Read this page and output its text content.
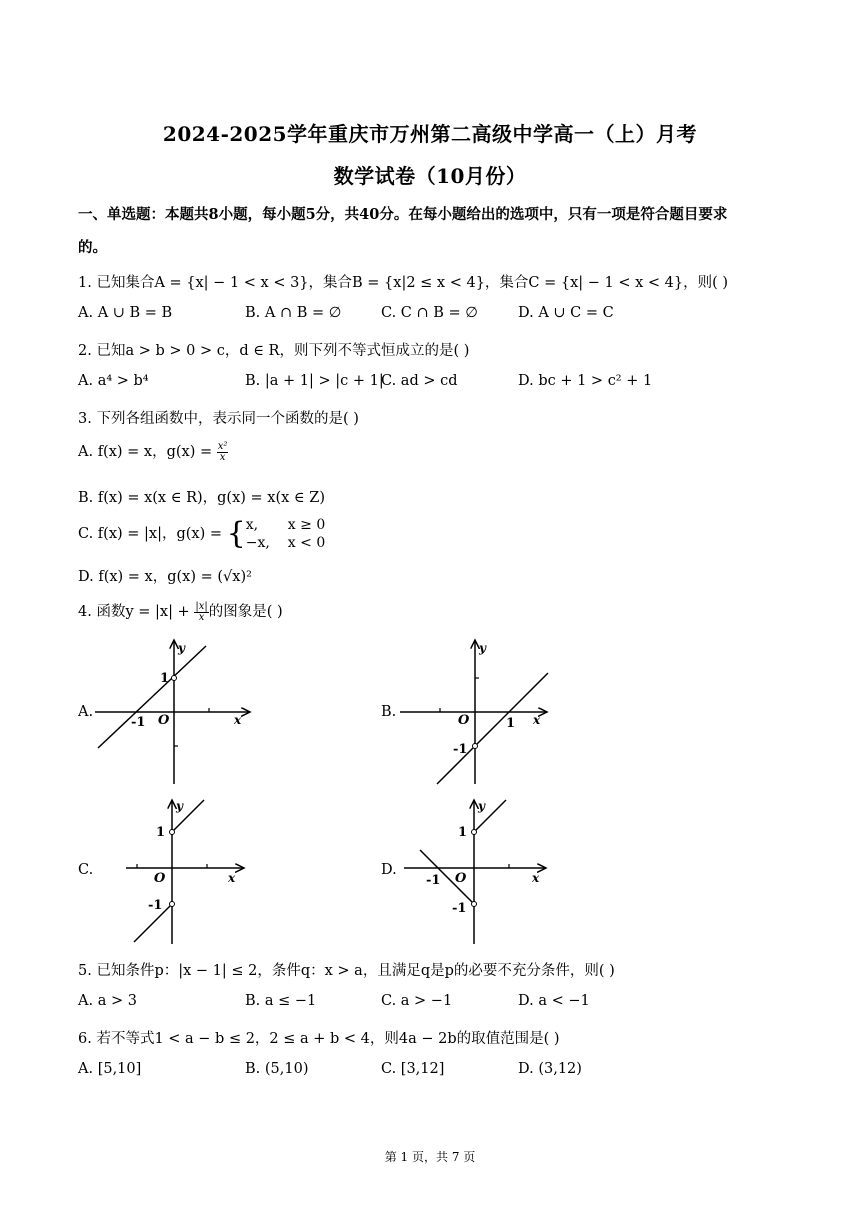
2024-2025学年重庆市万州第二高级中学高一（上）月考
数学试卷（10月份）
一、单选题：本题共8小题，每小题5分，共40分。在每小题给出的选项中，只有一项是符合题目要求
的。
1. 已知集合A = {x| − 1 < x < 3}，集合B = {x|2 ≤ x < 4}，集合C = {x| − 1 < x < 4}，则( )
A. A ∪ B = B	B. A ∩ B = ∅	C. C ∩ B = ∅	D. A ∪ C = C
2. 已知a > b > 0 > c，d ∈ R，则下列不等式恒成立的是( )
A. a⁴ > b⁴	B. |a + 1| > |c + 1|
C. ad > cd	D. bc + 1 > c² + 1
3. 下列各组函数中，表示同一个函数的是( )
A. f(x) = x，$g(x) = \frac{\text{x²}}{x}$
B. f(x) = x(x ∈ R)，g(x) = x(x ∈ Z)
C. f(x) = |x|，g(x) = { x,
−x,
x ≥ 0
x < 0
D. f(x) = x，g(x) = (√x)²
4. 函数$y = |x| + \frac{|x|}{x}$ 的图象是( )
A.	B.
C.	D.
y
x
O
1
-1
y
x
O	1
-1
y
x
O
1
-1
y
x
O
1
-1
-1
5. 已知条件p：|x − 1| ≤ 2，条件q：x > a，且满足q是p的必要不充分条件，则( )
A. a > 3	B. a ≤ −1	C. a > −1	D. a < −1
6. 若不等式1 < a − b ≤ 2，2 ≤ a + b < 4，则4a − 2b的取值范围是( )
A. [5,10]	B. (5,10)	C. [3,12]	D. (3,12)
第 1 页，共 7 页
